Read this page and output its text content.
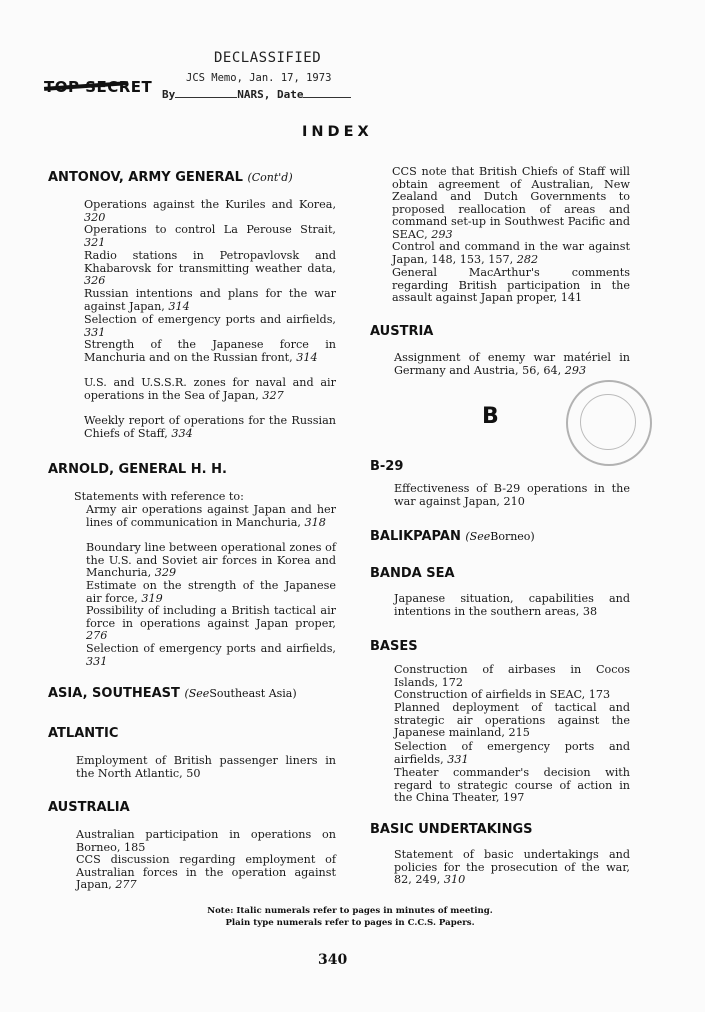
TOP SECRET
DECLASSIFIED
JCS Memo, Jan. 17, 1973
By	NARS, Date
INDEX
ANTONOV, ARMY GENERAL (Cont'd)
Operations against the Kuriles and Korea, 320
Operations to control La Perouse Strait, 321
Radio stations in Petropavlovsk and Khabarovsk for transmitting weather data, 326
Russian intentions and plans for the war against Japan, 314
Selection of emergency ports and airfields, 331
Strength of the Japanese force in Manchuria and on the Russian front, 314
U.S. and U.S.S.R. zones for naval and air operations in the Sea of Japan, 327
Weekly report of operations for the Russian Chiefs of Staff, 334
ARNOLD, GENERAL H. H.
Statements with reference to:
Army air operations against Japan and her lines of communication in Manchuria, 318
Boundary line between operational zones of the U.S. and Soviet air forces in Korea and Manchuria, 329
Estimate on the strength of the Japanese air force, 319
Possibility of including a British tactical air force in operations against Japan proper, 276
Selection of emergency ports and airfields, 331
ASIA, SOUTHEAST (SeeSoutheast Asia)
ATLANTIC
Employment of British passenger liners in the North Atlantic, 50
AUSTRALIA
Australian participation in operations on Borneo, 185
CCS discussion regarding employment of Australian forces in the operation against Japan, 277
CCS note that British Chiefs of Staff will obtain agreement of Australian, New Zealand and Dutch Governments to proposed reallocation of areas and command set-up in Southwest Pacific and SEAC, 293
Control and command in the war against Japan, 148, 153, 157, 282
General MacArthur's comments regarding British participation in the assault against Japan proper, 141
AUSTRIA
Assignment of enemy war matériel in Germany and Austria, 56, 64, 293
B
B-29
Effectiveness of B-29 operations in the war against Japan, 210
BALIKPAPAN (SeeBorneo)
BANDA SEA
Japanese situation, capabilities and intentions in the southern areas, 38
BASES
Construction of airbases in Cocos Islands, 172
Construction of airfields in SEAC, 173
Planned deployment of tactical and strategic air operations against the Japanese mainland, 215
Selection of emergency ports and airfields, 331
Theater commander's decision with regard to strategic course of action in the China Theater, 197
BASIC UNDERTAKINGS
Statement of basic undertakings and policies for the prosecution of the war, 82, 249, 310
Note: Italic numerals refer to pages in minutes of meeting.
Plain type numerals refer to pages in C.C.S. Papers.
340
